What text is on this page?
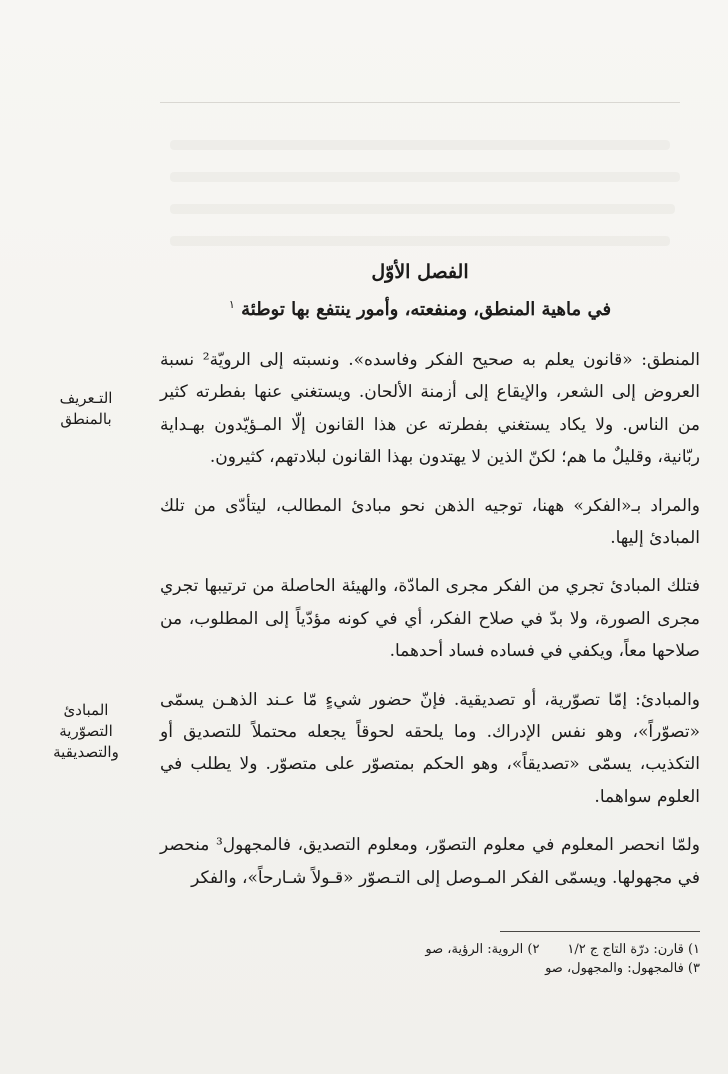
الفصل الأوّل
في ماهية المنطق، ومنفعته، وأمور ينتفع بها توطئة $^١$
التـعريف
بالمنطق
المبادئ
التصوّرية
والتصديقية

المنطق: «قانون يعلم به صحيح الفكر وفاسده». ونسبته إلى الرويّة² نسبة العروض إلى الشعر، والإيقاع إلى أزمنة الألحان. ويستغني عنها بفطرته كثير من الناس. ولا يكاد يستغني بفطرته عن هذا القانون إلّا المـؤيّدون بهـداية ربّانية، وقليلٌ ما هم؛ لكنّ الذين لا يهتدون بهذا القانون لبلادتهم، كثيرون.

والمراد بـ«الفكر» ههنا، توجيه الذهن نحو مبادئ المطالب، ليتأدّى من تلك المبادئ إليها.

فتلك المبادئ تجري من الفكر مجرى المادّة، والهيئة الحاصلة من ترتيبها تجري مجرى الصورة، ولا بدّ في صلاح الفكر، أي في كونه مؤدّياً إلى المطلوب، من صلاحها معاً، ويكفي في فساده فساد أحدهما.

والمبادئ: إمّا تصوّرية، أو تصديقية. فإنّ حضور شيءٍ مّا عـند الذهـن يسمّى «تصوّراً»، وهو نفس الإدراك. وما يلحقه لحوقاً يجعله محتملاً للتصديق أو التكذيب، يسمّى «تصديقاً»، وهو الحكم بمتصوّر على متصوّر. ولا يطلب في العلوم سواهما.

ولمّا انحصر المعلوم في معلوم التصوّر، ومعلوم التصديق، فالمجهول³ منحصر في مجهولها. ويسمّى الفكر المـوصل إلى التـصوّر «قـولاً شـارحاً»، والفكر

١) قارن: درّة التاج ج ١/٢
٢) الروية: الرؤية، صو
٣) فالمجهول: والمجهول، صو
